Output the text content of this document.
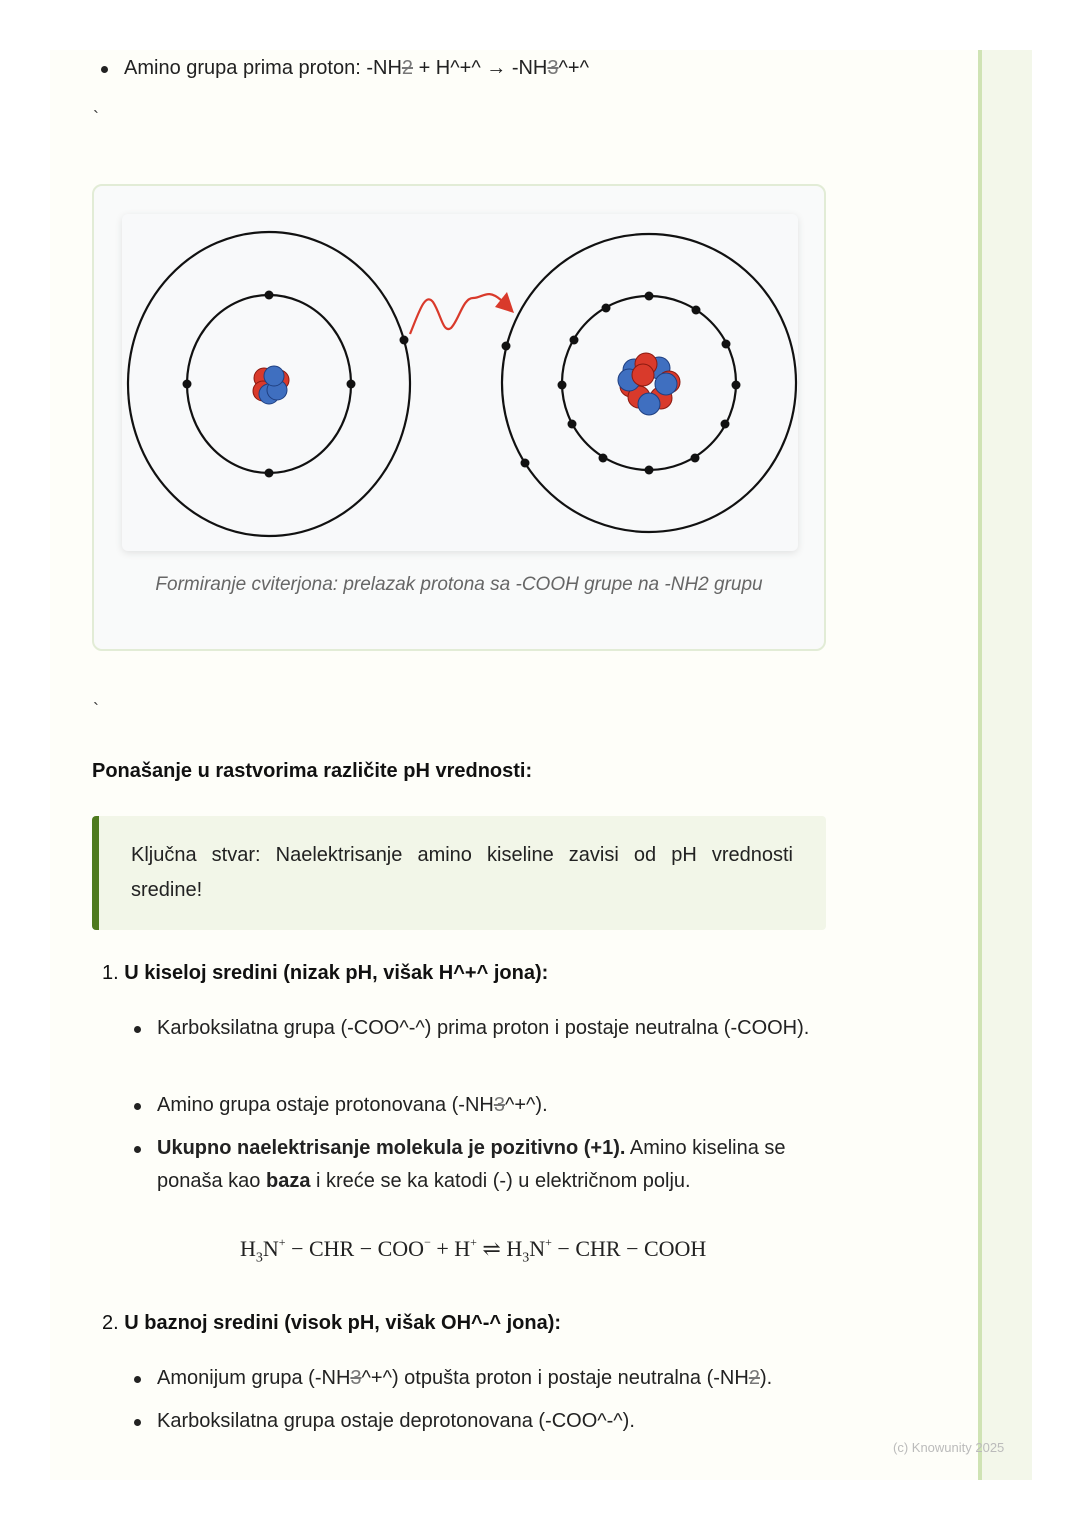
Amino grupa prima proton: -NH2 + H^+^ → -NH3^+^
`
Formiranje cviterjona: prelazak protona sa -COOH grupe na -NH2 grupu
`
Ponašanje u rastvorima različite pH vrednosti:
Ključna stvar: Naelektrisanje amino kiseline zavisi od pH vrednosti sredine!
1. U kiseloj sredini (nizak pH, višak H^+^ jona):
Karboksilatna grupa (-COO^-^) prima proton i postaje neutralna (-COOH).
Amino grupa ostaje protonovana (-NH3^+^).
Ukupno naelektrisanje molekula je pozitivno (+1). Amino kiselina se ponaša kao baza i kreće se ka katodi (-) u električnom polju.
$H_3N^+$ − CHR − COO− + H+ ⇌ $H_3N^+$ − CHR − COOH
2. U baznoj sredini (visok pH, višak OH^-^ jona):
Amonijum grupa (-NH3^+^) otpušta proton i postaje neutralna (-NH2).
Karboksilatna grupa ostaje deprotonovana (-COO^-^).
(c) Knowunity 2025
